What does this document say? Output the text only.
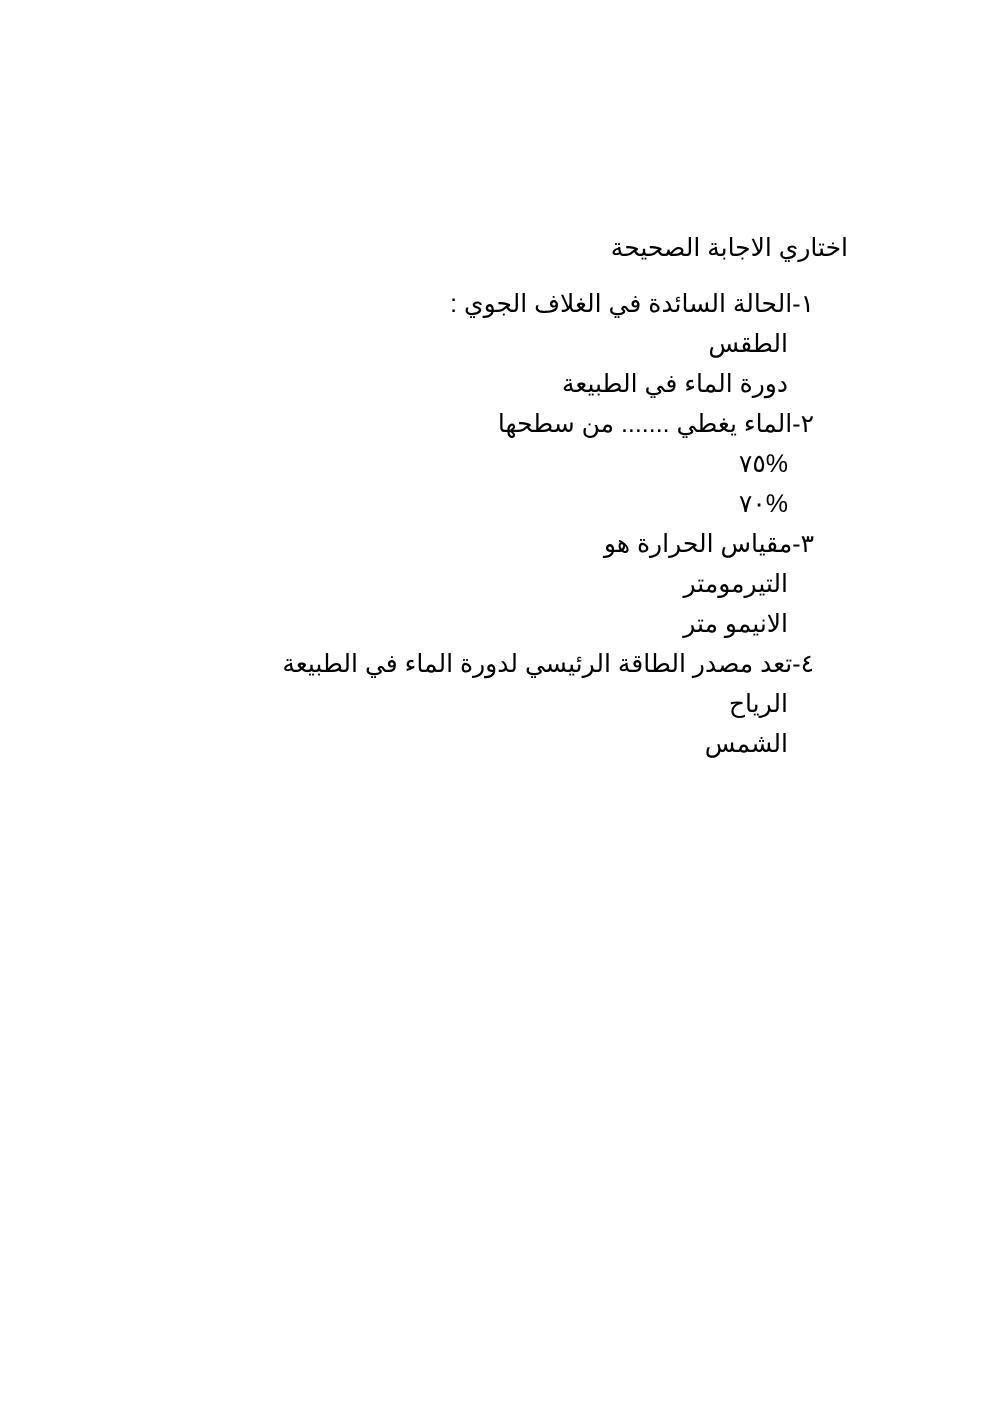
اختاري الاجابة الصحيحة
١-الحالة السائدة في الغلاف الجوي :
الطقس
دورة الماء في الطبيعة
٢-الماء يغطي ....... من سطحها
%٧٥
%٧٠
٣-مقياس الحرارة هو
التيرمومتر
الانيمو متر
٤-تعد مصدر الطاقة الرئيسي لدورة الماء في الطبيعة
الرياح
الشمس
